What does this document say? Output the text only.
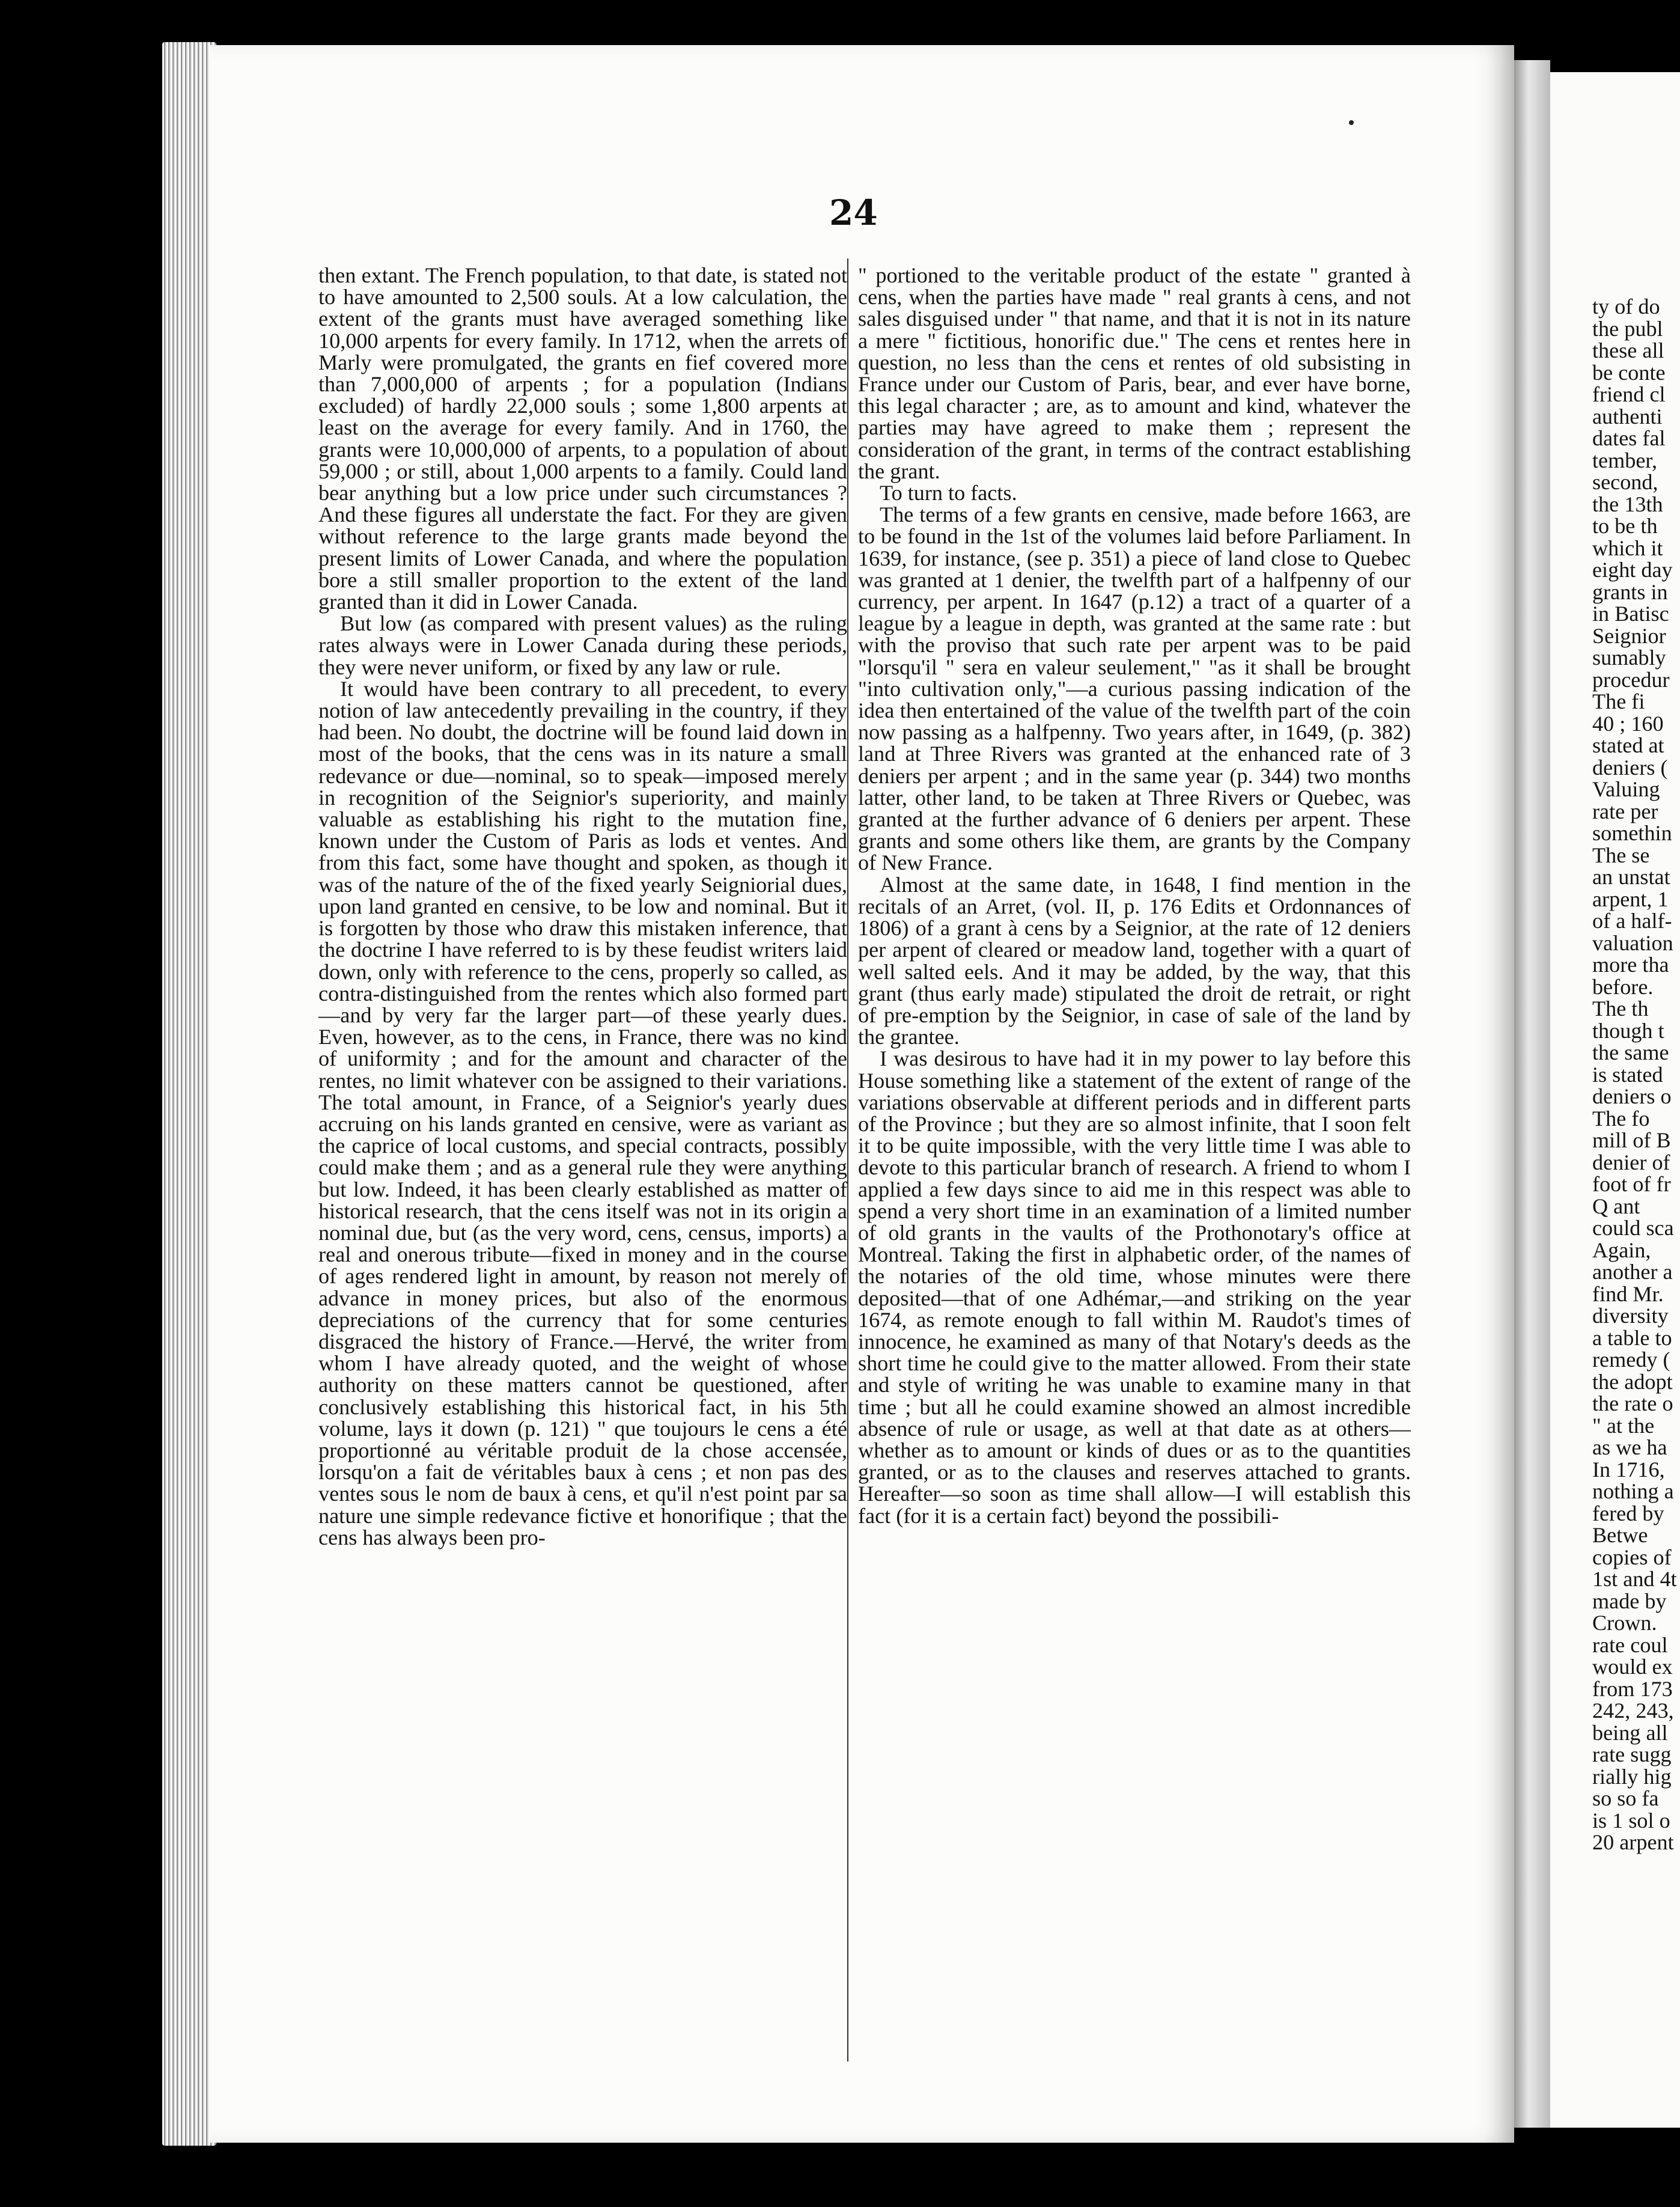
24

then extant. The French population, to that date, is stated not to have amounted to 2,500 souls. At a low calculation, the extent of the grants must have averaged something like 10,000 arpents for every family. In 1712, when the arrets of Marly were promulgated, the grants en fief covered more than 7,000,000 of arpents ; for a population (Indians excluded) of hardly 22,000 souls ; some 1,800 arpents at least on the average for every family. And in 1760, the grants were 10,000,000 of arpents, to a population of about 59,000 ; or still, about 1,000 arpents to a family. Could land bear anything but a low price under such circumstances ? And these figures all understate the fact. For they are given without reference to the large grants made beyond the present limits of Lower Canada, and where the population bore a still smaller proportion to the extent of the land granted than it did in Lower Canada.

But low (as compared with present values) as the ruling rates always were in Lower Canada during these periods, they were never uniform, or fixed by any law or rule.

It would have been contrary to all precedent, to every notion of law antecedently prevailing in the country, if they had been. No doubt, the doctrine will be found laid down in most of the books, that the cens was in its nature a small redevance or due—nominal, so to speak—imposed merely in recognition of the Seignior's superiority, and mainly valuable as establishing his right to the mutation fine, known under the Custom of Paris as lods et ventes. And from this fact, some have thought and spoken, as though it was of the nature of the of the fixed yearly Seigniorial dues, upon land granted en censive, to be low and nominal. But it is forgotten by those who draw this mistaken inference, that the doctrine I have referred to is by these feudist writers laid down, only with reference to the cens, properly so called, as contra-distinguished from the rentes which also formed part—and by very far the larger part—of these yearly dues. Even, however, as to the cens, in France, there was no kind of uniformity ; and for the amount and character of the rentes, no limit whatever con be assigned to their variations. The total amount, in France, of a Seignior's yearly dues accruing on his lands granted en censive, were as variant as the caprice of local customs, and special contracts, possibly could make them ; and as a general rule they were anything but low. Indeed, it has been clearly established as matter of historical research, that the cens itself was not in its origin a nominal due, but (as the very word, cens, census, imports) a real and onerous tribute—fixed in money and in the course of ages rendered light in amount, by reason not merely of advance in money prices, but also of the enormous depreciations of the currency that for some centuries disgraced the history of France.—Hervé, the writer from whom I have already quoted, and the weight of whose authority on these matters cannot be questioned, after conclusively establishing this historical fact, in his 5th volume, lays it down (p. 121) " que toujours le cens a été proportionné au véritable produit de la chose accensée, lorsqu'on a fait de véritables baux à cens ; et non pas des ventes sous le nom de baux à cens, et qu'il n'est point par sa nature une simple redevance fictive et honorifique ; that the cens has always been pro-

" portioned to the veritable product of the estate " granted à cens, when the parties have made " real grants à cens, and not sales disguised under " that name, and that it is not in its nature a mere " fictitious, honorific due." The cens et rentes here in question, no less than the cens et rentes of old subsisting in France under our Custom of Paris, bear, and ever have borne, this legal character ; are, as to amount and kind, whatever the parties may have agreed to make them ; represent the consideration of the grant, in terms of the contract establishing the grant.

To turn to facts.

The terms of a few grants en censive, made before 1663, are to be found in the 1st of the volumes laid before Parliament. In 1639, for instance, (see p. 351) a piece of land close to Quebec was granted at 1 denier, the twelfth part of a halfpenny of our currency, per arpent. In 1647 (p.12) a tract of a quarter of a league by a league in depth, was granted at the same rate : but with the proviso that such rate per arpent was to be paid "lorsqu'il " sera en valeur seulement," "as it shall be brought "into cultivation only,"—a curious passing indication of the idea then entertained of the value of the twelfth part of the coin now passing as a halfpenny. Two years after, in 1649, (p. 382) land at Three Rivers was granted at the enhanced rate of 3 deniers per arpent ; and in the same year (p. 344) two months latter, other land, to be taken at Three Rivers or Quebec, was granted at the further advance of 6 deniers per arpent. These grants and some others like them, are grants by the Company of New France.

Almost at the same date, in 1648, I find mention in the recitals of an Arret, (vol. II, p. 176 Edits et Ordonnances of 1806) of a grant à cens by a Seignior, at the rate of 12 deniers per arpent of cleared or meadow land, together with a quart of well salted eels. And it may be added, by the way, that this grant (thus early made) stipulated the droit de retrait, or right of pre-emption by the Seignior, in case of sale of the land by the grantee.

I was desirous to have had it in my power to lay before this House something like a statement of the extent of range of the variations observable at different periods and in different parts of the Province ; but they are so almost infinite, that I soon felt it to be quite impossible, with the very little time I was able to devote to this particular branch of research. A friend to whom I applied a few days since to aid me in this respect was able to spend a very short time in an examination of a limited number of old grants in the vaults of the Prothonotary's office at Montreal. Taking the first in alphabetic order, of the names of the notaries of the old time, whose minutes were there deposited—that of one Adhémar,—and striking on the year 1674, as remote enough to fall within M. Raudot's times of innocence, he examined as many of that Notary's deeds as the short time he could give to the matter allowed. From their state and style of writing he was unable to examine many in that time ; but all he could examine showed an almost incredible absence of rule or usage, as well at that date as at others—whether as to amount or kinds of dues or as to the quantities granted, or as to the clauses and reserves attached to grants. Hereafter—so soon as time shall allow—I will establish this fact (for it is a certain fact) beyond the possibili-

ty of do
the publ
these all
be conte
friend cl
authenti
dates fal
tember,
second,
the 13th
to be th
which it
eight day
grants in
in Batisc
Seignior
sumably
procedur
The fi
40 ; 160
stated at
deniers (
Valuing
rate per
somethin
The se
an unstat
arpent, 1
of a half-
valuation
more tha
before.
The th
though t
the same
is stated
deniers o
The fo
mill of B
denier of
foot of fr
Q ant
could sca
Again,
another a
find Mr.
diversity
a table to
remedy (
the adopt
the rate o
" at the
as we ha
In 1716,
nothing a
fered by
Betwe
copies of
1st and 4t
made by
Crown.
rate coul
would ex
from 173
242, 243,
being all
rate sugg
rially hig
so so fa
is 1 sol o
20 arpent
